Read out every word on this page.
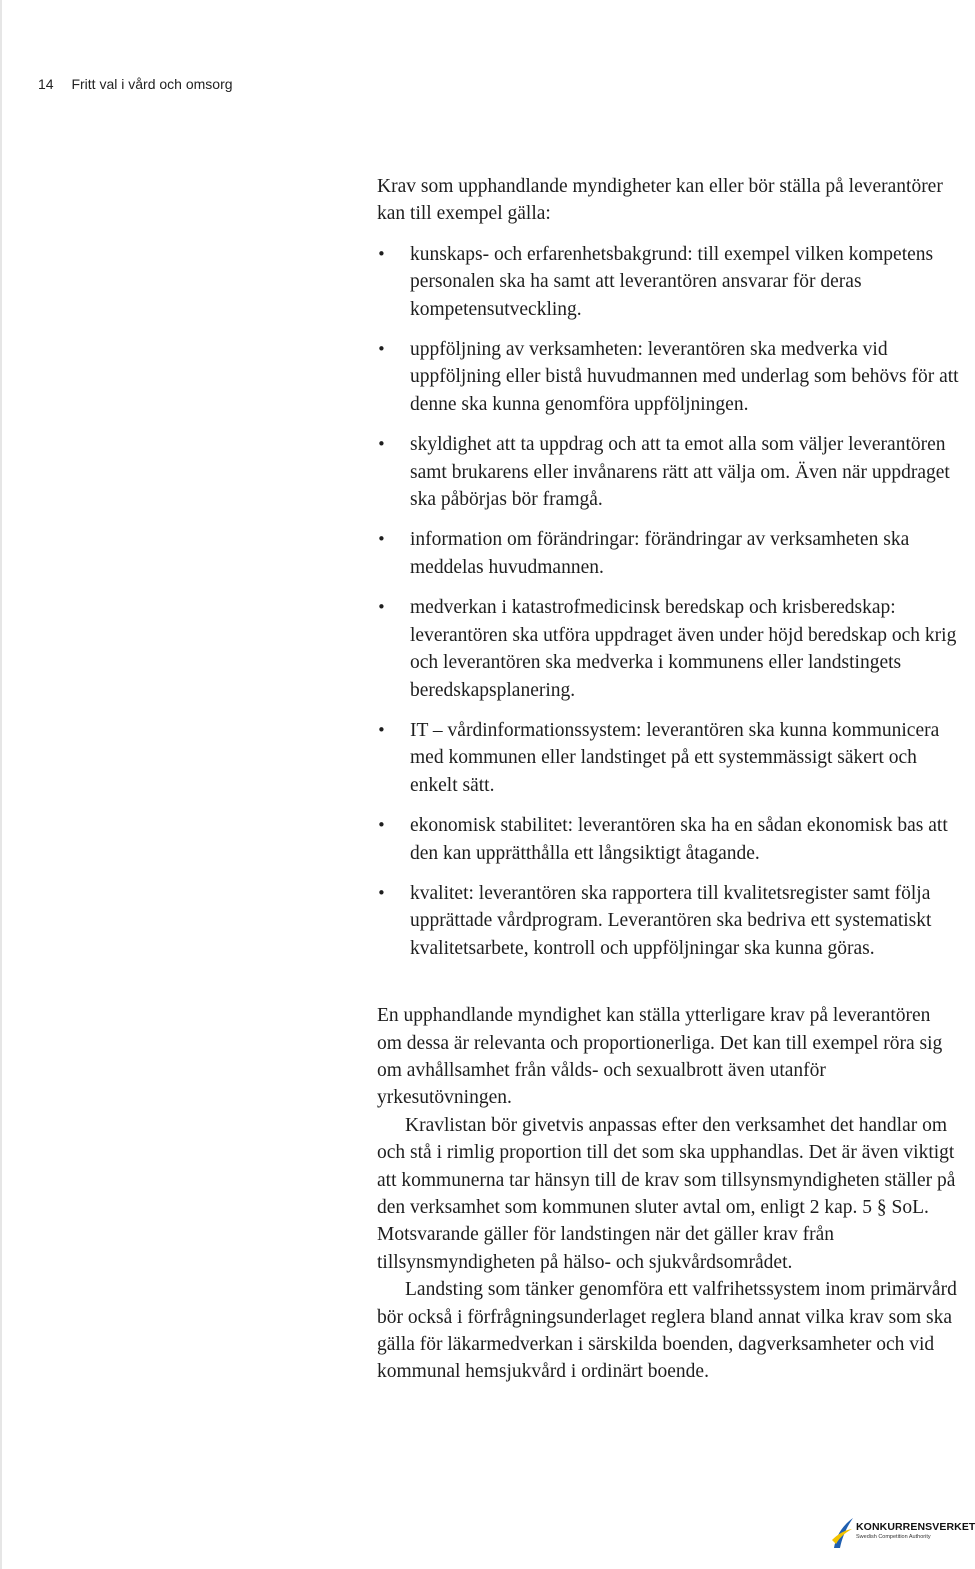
14 Fritt val i vård och omsorg

Krav som upphandlande myndigheter kan eller bör ställa på leverantörer kan till exempel gälla:

• kunskaps- och erfarenhetsbakgrund: till exempel vilken kompetens personalen ska ha samt att leverantören ansvarar för deras kompetensutveckling.
• uppföljning av verksamheten: leverantören ska medverka vid uppföljning eller bistå huvudmannen med underlag som behövs för att denne ska kunna genomföra uppföljningen.
• skyldighet att ta uppdrag och att ta emot alla som väljer leverantören samt brukarens eller invånarens rätt att välja om. Även när uppdraget ska påbörjas bör framgå.
• information om förändringar: förändringar av verksamheten ska meddelas huvudmannen.
• medverkan i katastrofmedicinsk beredskap och krisberedskap: leverantören ska utföra uppdraget även under höjd beredskap och krig och leverantören ska medverka i kommunens eller landstingets beredskapsplanering.
• IT – vårdinformationssystem: leverantören ska kunna kommunicera med kommunen eller landstinget på ett systemmässigt säkert och enkelt sätt.
• ekonomisk stabilitet: leverantören ska ha en sådan ekonomisk bas att den kan upprätthålla ett långsiktigt åtagande.
• kvalitet: leverantören ska rapportera till kvalitetsregister samt följa upprättade vårdprogram. Leverantören ska bedriva ett systematiskt kvalitetsarbete, kontroll och uppföljningar ska kunna göras.

En upphandlande myndighet kan ställa ytterligare krav på leverantören om dessa är relevanta och proportionerliga. Det kan till exempel röra sig om avhållsamhet från vålds- och sexualbrott även utanför yrkesutövningen.

Kravlistan bör givetvis anpassas efter den verksamhet det handlar om och stå i rimlig proportion till det som ska upphandlas. Det är även viktigt att kommunerna tar hänsyn till de krav som tillsynsmyndigheten ställer på den verksamhet som kommunen sluter avtal om, enligt 2 kap. 5 § SoL. Motsvarande gäller för landstingen när det gäller krav från tillsynsmyndigheten på hälso- och sjukvårdsområdet.

Landsting som tänker genomföra ett valfrihetssystem inom primärvård bör också i förfrågningsunderlaget reglera bland annat vilka krav som ska gälla för läkarmedverkan i särskilda boenden, dagverksamheter och vid kommunal hemsjukvård i ordinärt boende.

KONKURRENSVERKET
Swedish Competition Authority
